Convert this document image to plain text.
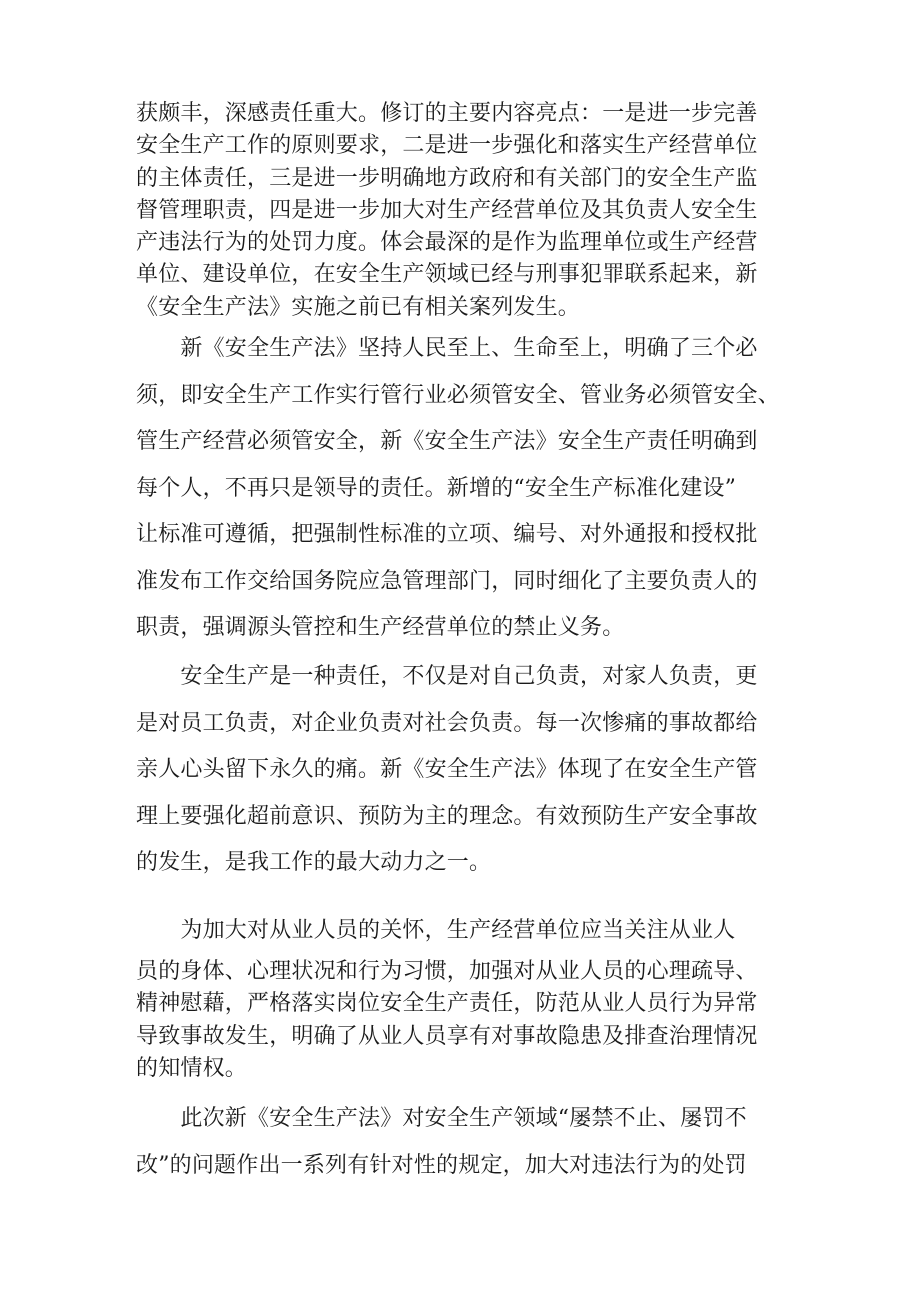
获颇丰，深感责任重大。修订的主要内容亮点：一是进一步完善
安全生产工作的原则要求，二是进一步强化和落实生产经营单位
的主体责任，三是进一步明确地方政府和有关部门的安全生产监
督管理职责，四是进一步加大对生产经营单位及其负责人安全生
产违法行为的处罚力度。体会最深的是作为监理单位或生产经营
单位、建设单位，在安全生产领域已经与刑事犯罪联系起来，新
《安全生产法》实施之前已有相关案列发生。
　　新《安全生产法》坚持人民至上、生命至上，明确了三个必
须，即安全生产工作实行管行业必须管安全、管业务必须管安全、
管生产经营必须管安全，新《安全生产法》安全生产责任明确到
每个人，不再只是领导的责任。新增的“安全生产标准化建设”
让标准可遵循，把强制性标准的立项、编号、对外通报和授权批
准发布工作交给国务院应急管理部门，同时细化了主要负责人的
职责，强调源头管控和生产经营单位的禁止义务。
　　安全生产是一种责任，不仅是对自己负责，对家人负责，更
是对员工负责，对企业负责对社会负责。每一次惨痛的事故都给
亲人心头留下永久的痛。新《安全生产法》体现了在安全生产管
理上要强化超前意识、预防为主的理念。有效预防生产安全事故
的发生，是我工作的最大动力之一。
　　为加大对从业人员的关怀，生产经营单位应当关注从业人
员的身体、心理状况和行为习惯，加强对从业人员的心理疏导、
精神慰藉，严格落实岗位安全生产责任，防范从业人员行为异常
导致事故发生，明确了从业人员享有对事故隐患及排查治理情况
的知情权。
　　此次新《安全生产法》对安全生产领域“屡禁不止、屡罚不
改”的问题作出一系列有针对性的规定，加大对违法行为的处罚
